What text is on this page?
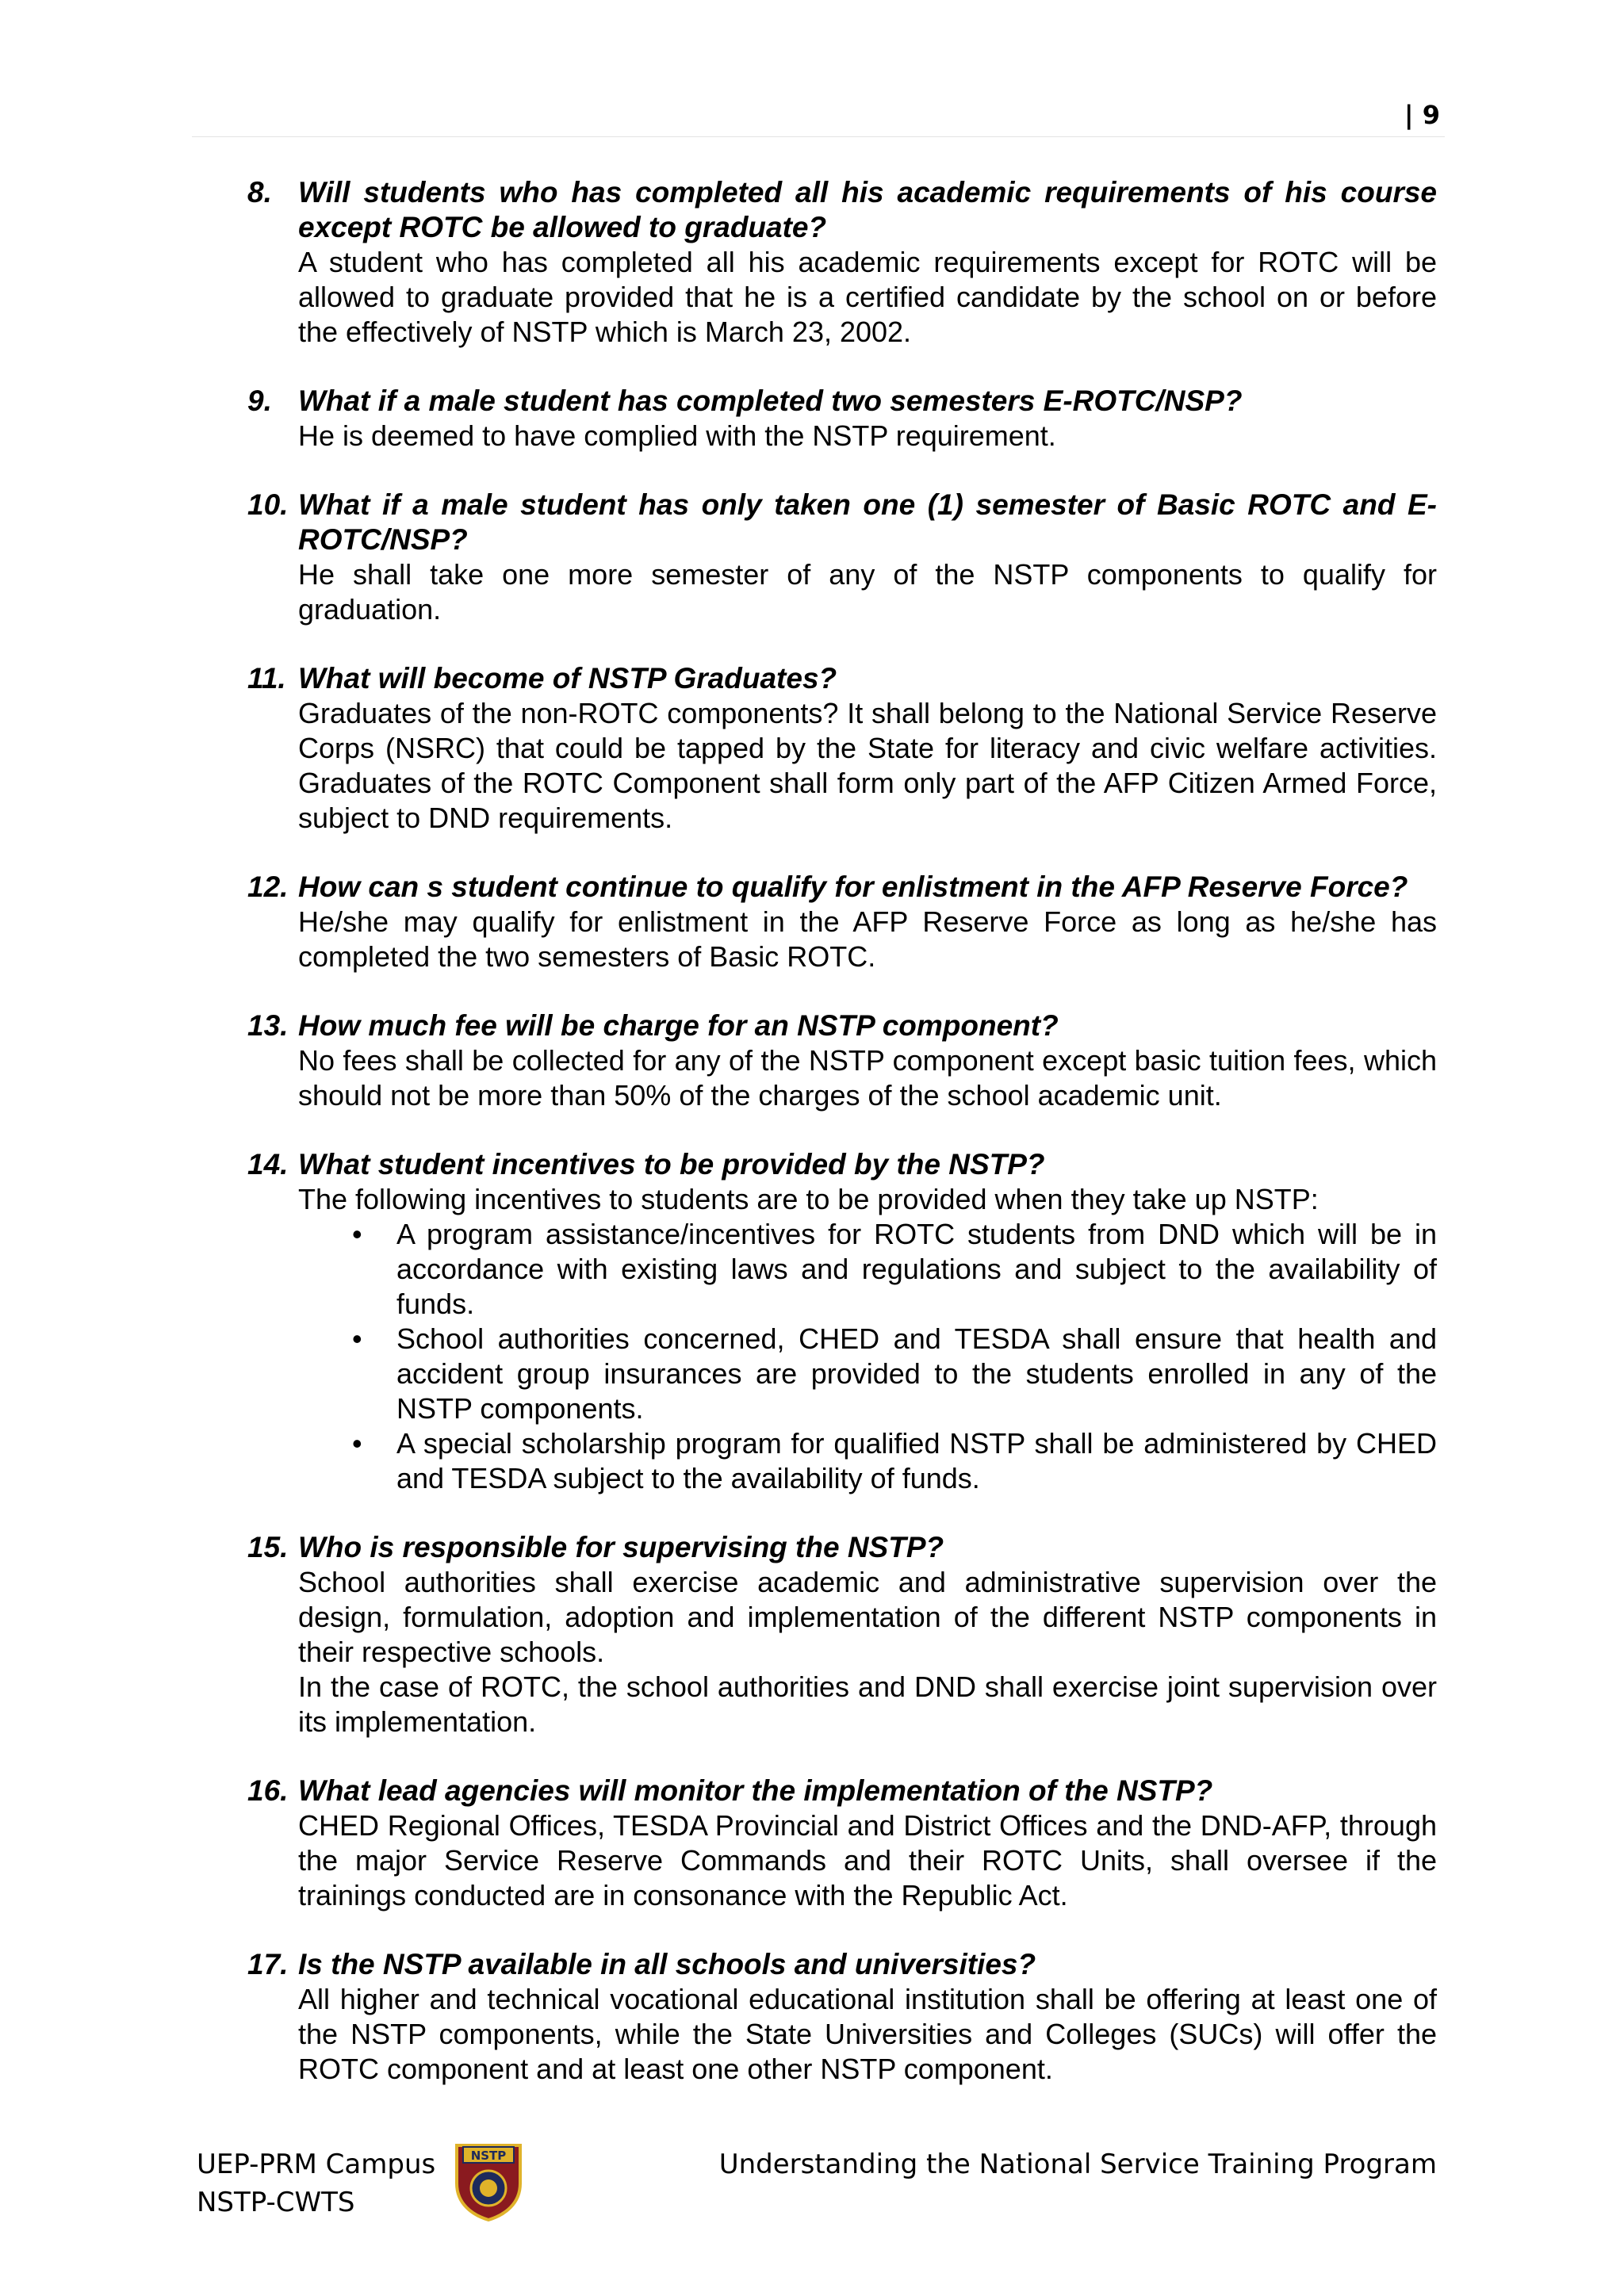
| 9
8. Will students who has completed all his academic requirements of his course except ROTC be allowed to graduate?
A student who has completed all his academic requirements except for ROTC will be allowed to graduate provided that he is a certified candidate by the school on or before the effectively of NSTP which is March 23, 2002.
9. What if a male student has completed two semesters E-ROTC/NSP?
He is deemed to have complied with the NSTP requirement.
10. What if a male student has only taken one (1) semester of Basic ROTC and E-ROTC/NSP?
He shall take one more semester of any of the NSTP components to qualify for graduation.
11. What will become of NSTP Graduates?
Graduates of the non-ROTC components? It shall belong to the National Service Reserve Corps (NSRC) that could be tapped by the State for literacy and civic welfare activities. Graduates of the ROTC Component shall form only part of the AFP Citizen Armed Force, subject to DND requirements.
12. How can s student continue to qualify for enlistment in the AFP Reserve Force?
He/she may qualify for enlistment in the AFP Reserve Force as long as he/she has completed the two semesters of Basic ROTC.
13. How much fee will be charge for an NSTP component?
No fees shall be collected for any of the NSTP component except basic tuition fees, which should not be more than 50% of the charges of the school academic unit.
14. What student incentives to be provided by the NSTP?
The following incentives to students are to be provided when they take up NSTP:
• A program assistance/incentives for ROTC students from DND which will be in accordance with existing laws and regulations and subject to the availability of funds.
• School authorities concerned, CHED and TESDA shall ensure that health and accident group insurances are provided to the students enrolled in any of the NSTP components.
• A special scholarship program for qualified NSTP shall be administered by CHED and TESDA subject to the availability of funds.
15. Who is responsible for supervising the NSTP?
School authorities shall exercise academic and administrative supervision over the design, formulation, adoption and implementation of the different NSTP components in their respective schools.
In the case of ROTC, the school authorities and DND shall exercise joint supervision over its implementation.
16. What lead agencies will monitor the implementation of the NSTP?
CHED Regional Offices, TESDA Provincial and District Offices and the DND-AFP, through the major Service Reserve Commands and their ROTC Units, shall oversee if the trainings conducted are in consonance with the Republic Act.
17. Is the NSTP available in all schools and universities?
All higher and technical vocational educational institution shall be offering at least one of the NSTP components, while the State Universities and Colleges (SUCs) will offer the ROTC component and at least one other NSTP component.
UEP-PRM Campus
NSTP-CWTS
NSTP	Understanding the National Service Training Program
